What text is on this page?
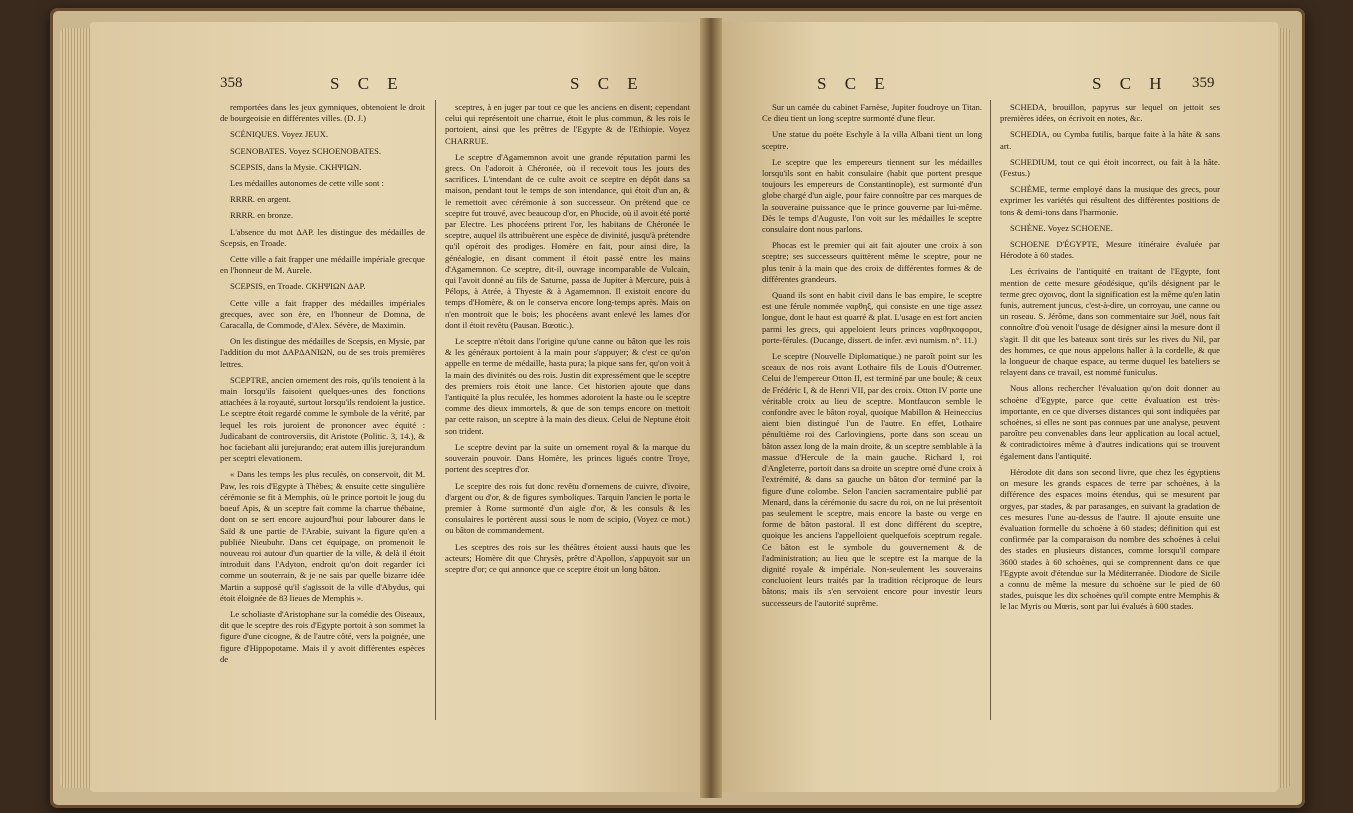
358	S C E	S C E

remportées dans les jeux gymniques, obtenoient le droit de bourgeoisie en différentes villes. (D. J.)

SCÉNIQUES. Voyez JEUX.

SCENOBATES. Voyez SCHOENOBATES.

SCEPSIS, dans la Mysie. CKHΨIΩN.

Les médailles autonomes de cette ville sont :

RRRR. en argent.

RRRR. en bronze.

L'absence du mot ΔAP. les distingue des médailles de Scepsis, en Troade.

Cette ville a fait frapper une médaille impériale grecque en l'honneur de M. Aurele.

SCEPSIS, en Troade. CKHΨIΩN ΔAP.

Cette ville a fait frapper des médailles impériales grecques, avec son ère, en l'honneur de Domna, de Caracalla, de Commode, d'Alex. Sévère, de Maximin.

On les distingue des médailles de Scepsis, en Mysie, par l'addition du mot ΔAPΔANIΩN, ou de ses trois premières lettres.

SCEPTRE, ancien ornement des rois, qu'ils tenoient à la main lorsqu'ils faisoient quelques-unes des fonctions attachées à la royauté, surtout lorsqu'ils rendoient la justice. Le sceptre étoit regardé comme le symbole de la vérité, par lequel les rois juroient de prononcer avec équité : Judicabant de controversiis, dit Aristote (Politic. 3, 14.), & hoc faciebant alii jurejurando; erat autem illis jurejurandum per sceptri elevationem.

« Dans les temps les plus reculés, on conservoit, dit M. Paw, les rois d'Egypte à Thèbes; & ensuite cette singulière cérémonie se fit à Memphis, où le prince portoit le joug du boeuf Apis, & un sceptre fait comme la charrue thébaine, dont on se sert encore aujourd'hui pour labourer dans le Saïd & une partie de l'Arabie, suivant la figure qu'en a publiée Nieubuhr. Dans cet équipage, on promenoit le nouveau roi autour d'un quartier de la ville, & delà il étoit introduit dans l'Adyton, endroit qu'on doit regarder ici comme un souterrain, & je ne sais par quelle bizarre idée Martin a supposé qu'il s'agissoit de la ville d'Abydus, qui étoit éloignée de 83 lieues de Memphis ».

Le scholiaste d'Aristophane sur la comédie des Oiseaux, dit que le sceptre des rois d'Egypte portoit à son sommet la figure d'une cicogne, & de l'autre côté, vers la poignée, une figure d'Hippopotame. Mais il y avoit différentes espèces de

sceptres, à en juger par tout ce que les anciens en disent; cependant celui qui représentoit une charrue, étoit le plus commun, & les rois le portoient, ainsi que les prêtres de l'Egypte & de l'Ethiopie. Voyez CHARRUE.

Le sceptre d'Agamemnon avoit une grande réputation parmi les grecs. On l'adoroit à Chéronée, où il recevoit tous les jours des sacrifices. L'intendant de ce culte avoit ce sceptre en dépôt dans sa maison, pendant tout le temps de son intendance, qui étoit d'un an, & le remettoit avec cérémonie à son successeur. On prétend que ce sceptre fut trouvé, avec beaucoup d'or, en Phocide, où il avoit été porté par Electre. Les phocéens prirent l'or, les habitans de Chéronée le sceptre, auquel ils attribuèrent une espèce de divinité, jusqu'à prétendre qu'il opéroit des prodiges. Homère en fait, pour ainsi dire, la généalogie, en disant comment il étoit passé entre les mains d'Agamemnon. Ce sceptre, dit-il, ouvrage incomparable de Vulcain, qui l'avoit donné au fils de Saturne, passa de Jupiter à Mercure, puis à Pélops, à Atrée, à Thyeste & à Agamemnon. Il existoit encore du temps d'Homère, & on le conserva encore long-temps après. Mais on n'en montroit que le bois; les phocéens avant enlevé les lames d'or dont il étoit revêtu (Pausan. Bœotic.).

Le sceptre n'étoit dans l'origine qu'une canne ou bâton que les rois & les généraux portoient à la main pour s'appuyer; & c'est ce qu'on appelle en terme de médaille, hasta pura; la pique sans fer, qu'on voit à la main des divinités ou des rois. Justin dit expressément que le sceptre des premiers rois étoit une lance. Cet historien ajoute que dans l'antiquité la plus reculée, les hommes adoroient la haste ou le sceptre comme des dieux immortels, & que de son temps encore on mettoit par cette raison, un sceptre à la main des dieux. Celui de Neptune étoit son trident.

Le sceptre devint par la suite un ornement royal & la marque du souverain pouvoir. Dans Homère, les princes ligués contre Troye, portent des sceptres d'or.

Le sceptre des rois fut donc revêtu d'ornemens de cuivre, d'ivoire, d'argent ou d'or, & de figures symboliques. Tarquin l'ancien le porta le premier à Rome surmonté d'un aigle d'or, & les consuls & les consulaires le portèrent aussi sous le nom de scipio, (Voyez ce mot.) ou bâton de commandement.

Les sceptres des rois sur les théâtres étoient aussi hauts que les acteurs; Homère dit que Chrysès, prêtre d'Apollon, s'appuyoit sur un sceptre d'or; ce qui annonce que ce sceptre étoit un long bâton.

S C E	S C H 359

Sur un camée du cabinet Farnèse, Jupiter foudroye un Titan. Ce dieu tient un long sceptre surmonté d'une fleur.

Une statue du poëte Eschyle à la villa Albani tient un long sceptre.

Le sceptre que les empereurs tiennent sur les médailles lorsqu'ils sont en habit consulaire (habit que portent presque toujours les empereurs de Constantinople), est surmonté d'un globe chargé d'un aigle, pour faire connoître par ces marques de la souveraine puissance que le prince gouverne par lui-même. Dès le temps d'Auguste, l'on voit sur les médailles le sceptre consulaire dont nous parlons.

Phocas est le premier qui ait fait ajouter une croix à son sceptre; ses successeurs quittèrent même le sceptre, pour ne plus tenir à la main que des croix de différentes formes & de différentes grandeurs.

Quand ils sont en habit civil dans le bas empire, le sceptre est une férule nommée ναρθηξ, qui consiste en une tige assez longue, dont le haut est quarré & plat. L'usage en est fort ancien parmi les grecs, qui appeloient leurs princes ναρθηκοφοροι, porte-férules. (Ducange, dissert. de infer. ævi numism. n°. 11.)

Le sceptre (Nouvelle Diplomatique.) ne paroît point sur les sceaux de nos rois avant Lothaire fils de Louis d'Outremer. Celui de l'empereur Otton II, est terminé par une boule; & ceux de Frédéric I, & de Henri VII, par des croix. Otton IV porte une véritable croix au lieu de sceptre. Montfaucon semble le confondre avec le bâton royal, quoique Mabillon & Heineccius aient bien distingué l'un de l'autre. En effet, Lothaire pénultième roi des Carlovingiens, porte dans son sceau un bâton assez long de la main droite, & un sceptre semblable à la massue d'Hercule de la main gauche. Richard I, roi d'Angleterre, portoit dans sa droite un sceptre orné d'une croix à l'extrémité, & dans sa gauche un bâton d'or terminé par la figure d'une colombe. Selon l'ancien sacramentaire publié par Menard, dans la cérémonie du sacre du roi, on ne lui présentoit pas seulement le sceptre, mais encore la baste ou verge en forme de bâton pastoral. Il est donc différent du sceptre, quoique les anciens l'appelloient quelquefois sceptrum regale. Ce bâton est le symbole du gouvernement & de l'administration; au lieu que le sceptre est la marque de la dignité royale & impériale. Non-seulement les souverains concluoient leurs traités par la tradition réciproque de leurs bâtons; mais ils s'en servoient encore pour investir leurs successeurs de l'autorité suprême.

SCHEDA, brouillon, papyrus sur lequel on jettoit ses premières idées, on écrivoit en notes, &c.

SCHEDIA, ou Cymba futilis, barque faite à la hâte & sans art.

SCHEDIUM, tout ce qui étoit incorrect, ou fait à la hâte. (Festus.)

SCHÈME, terme employé dans la musique des grecs, pour exprimer les variétés qui résultent des différentes positions de tons & demi-tons dans l'harmonie.

SCHÈNE. Voyez SCHOENE.

SCHOENE D'ÉGYPTE, Mesure itinéraire évaluée par Hérodote à 60 stades.

Les écrivains de l'antiquité en traitant de l'Egypte, font mention de cette mesure géodésique, qu'ils désignent par le terme grec σχοινος, dont la signification est la même qu'en latin funis, autrement juncus, c'est-à-dire, un corroyau, une canne ou un roseau. S. Jérôme, dans son commentaire sur Joël, nous fait connoître d'où venoit l'usage de désigner ainsi la mesure dont il s'agit. Il dit que les bateaux sont tirés sur les rives du Nil, par des hommes, ce que nous appelons haller à la cordelle, & que la longueur de chaque espace, au terme duquel les bateliers se relayent dans ce travail, est nommé funiculus.

Nous allons rechercher l'évaluation qu'on doit donner au schoène d'Egypte, parce que cette évaluation est très-importante, en ce que diverses distances qui sont indiquées par schoènes, si elles ne sont pas connues par une analyse, peuvent paroître peu convenables dans leur application au local actuel, & contradictoires même à d'autres indications qui se trouvent également dans l'antiquité.

Hérodote dit dans son second livre, que chez les égyptiens on mesure les grands espaces de terre par schoènes, à la différence des espaces moins étendus, qui se mesurent par orgyes, par stades, & par parasanges, en suivant la gradation de ces mesures l'une au-dessus de l'autre. Il ajoute ensuite une évaluation formelle du schoène à 60 stades; définition qui est confirmée par la comparaison du nombre des schoènes à celui des stades en plusieurs distances, comme lorsqu'il compare 3600 stades à 60 schoènes, qui se comprennent dans ce que l'Egypte avoit d'étendue sur la Méditerranée. Diodore de Sicile a connu de même la mesure du schoène sur le pied de 60 stades, puisque les dix schoènes qu'il compte entre Memphis & le lac Myris ou Mœris, sont par lui évalués à 600 stades.
